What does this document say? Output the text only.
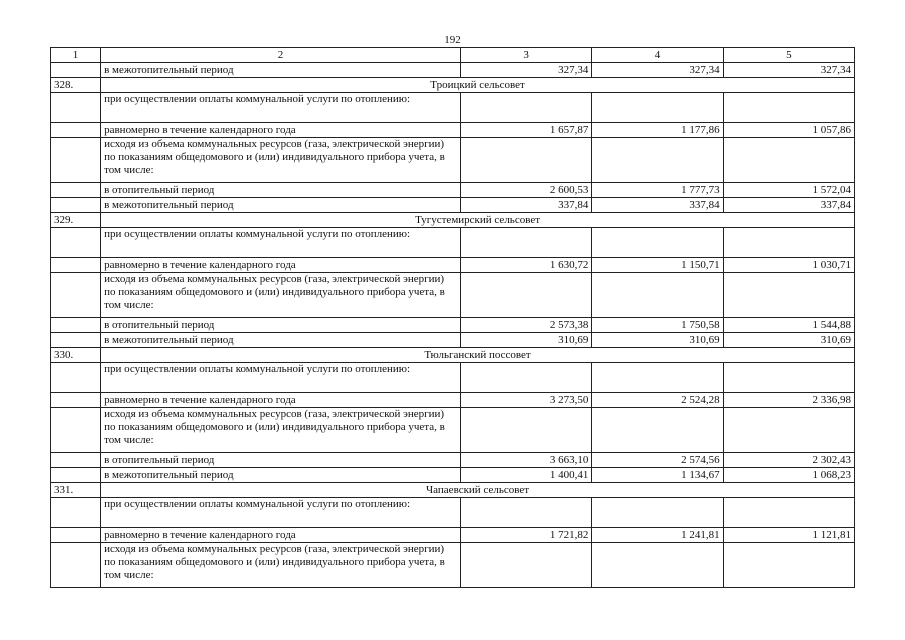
192
1	2	3	4	5
	в межотопительный период	327,34	327,34	327,34
328.	Троицкий сельсовет			
	при осуществлении оплаты коммунальной услуги по отоплению:			
	равномерно в течение календарного года	1 657,87	1 177,86	1 057,86
	исходя из объема коммунальных ресурсов (газа, электрической энергии) по показаниям общедомового и (или) индивидуального прибора учета, в том числе:			
	в отопительный период	2 600,53	1 777,73	1 572,04
	в межотопительный период	337,84	337,84	337,84
329.	Тугустемирский сельсовет			
	при осуществлении оплаты коммунальной услуги по отоплению:			
	равномерно в течение календарного года	1 630,72	1 150,71	1 030,71
	исходя из объема коммунальных ресурсов (газа, электрической энергии) по показаниям общедомового и (или) индивидуального прибора учета, в том числе:			
	в отопительный период	2 573,38	1 750,58	1 544,88
	в межотопительный период	310,69	310,69	310,69
330.	Тюльганский поссовет			
	при осуществлении оплаты коммунальной услуги по отоплению:			
	равномерно в течение календарного года	3 273,50	2 524,28	2 336,98
	исходя из объема коммунальных ресурсов (газа, электрической энергии) по показаниям общедомового и (или) индивидуального прибора учета, в том числе:			
	в отопительный период	3 663,10	2 574,56	2 302,43
	в межотопительный период	1 400,41	1 134,67	1 068,23
331.	Чапаевский сельсовет			
	при осуществлении оплаты коммунальной услуги по отоплению:			
	равномерно в течение календарного года	1 721,82	1 241,81	1 121,81
	исходя из объема коммунальных ресурсов (газа, электрической энергии) по показаниям общедомового и (или) индивидуального прибора учета, в том числе:			
